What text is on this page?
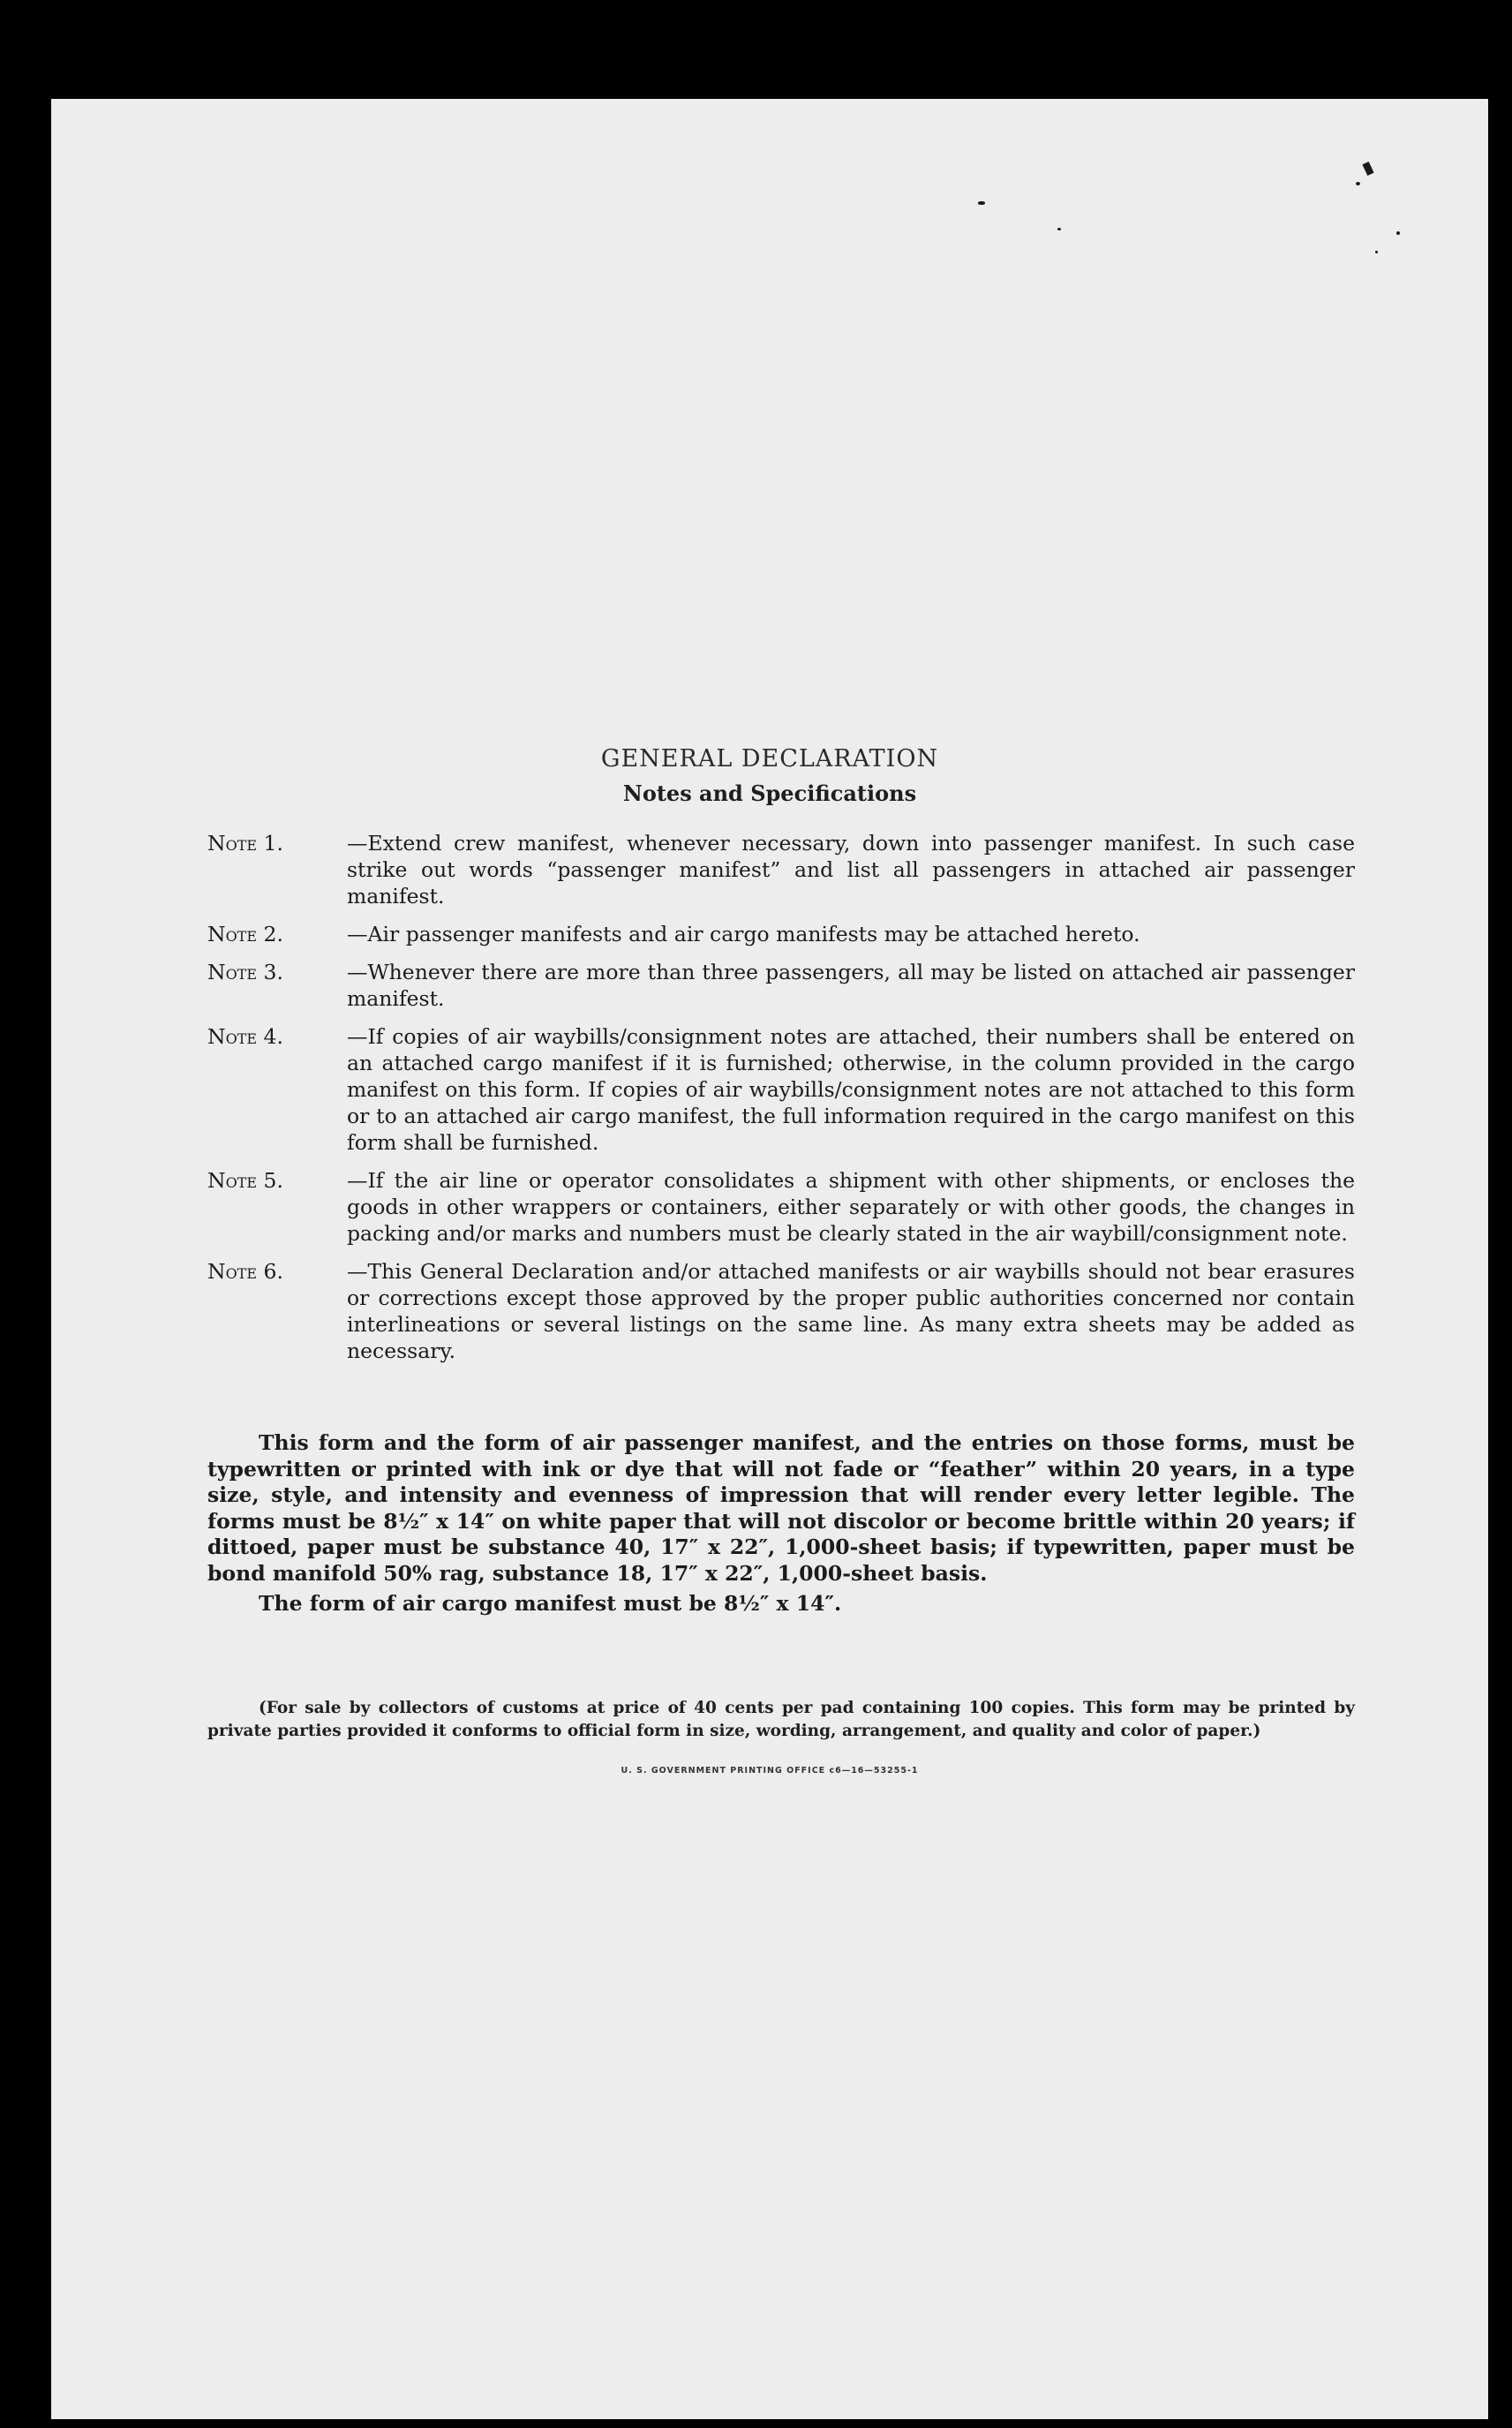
GENERAL DECLARATION
Notes and Specifications
Note 1.	—Extend crew manifest, whenever necessary, down into passenger manifest. In such case strike out words “passenger manifest” and list all passengers in attached air passenger manifest.
Note 2.	—Air passenger manifests and air cargo manifests may be attached hereto.
Note 3.	—Whenever there are more than three passengers, all may be listed on attached air passenger manifest.
Note 4.	—If copies of air waybills/consignment notes are attached, their numbers shall be entered on an attached cargo manifest if it is furnished; otherwise, in the column provided in the cargo manifest on this form. If copies of air waybills/consignment notes are not attached to this form or to an attached air cargo manifest, the full information required in the cargo manifest on this form shall be furnished.
Note 5.	—If the air line or operator consolidates a shipment with other shipments, or encloses the goods in other wrappers or containers, either separately or with other goods, the changes in packing and/or marks and numbers must be clearly stated in the air waybill/consignment note.
Note 6.	—This General Declaration and/or attached manifests or air waybills should not bear erasures or corrections except those approved by the proper public authorities concerned nor contain interlineations or several listings on the same line. As many extra sheets may be added as necessary.
This form and the form of air passenger manifest, and the entries on those forms, must be typewritten or printed with ink or dye that will not fade or “feather” within 20 years, in a type size, style, and intensity and evenness of impression that will render every letter legible. The forms must be 8½″ x 14″ on white paper that will not discolor or become brittle within 20 years; if dittoed, paper must be substance 40, 17″ x 22″, 1,000-sheet basis; if typewritten, paper must be bond manifold 50% rag, substance 18, 17″ x 22″, 1,000-sheet basis.
The form of air cargo manifest must be 8½″ x 14″.
(For sale by collectors of customs at price of 40 cents per pad containing 100 copies. This form may be printed by private parties provided it conforms to official form in size, wording, arrangement, and quality and color of paper.)
U. S. GOVERNMENT PRINTING OFFICE c6—16—53255-1
